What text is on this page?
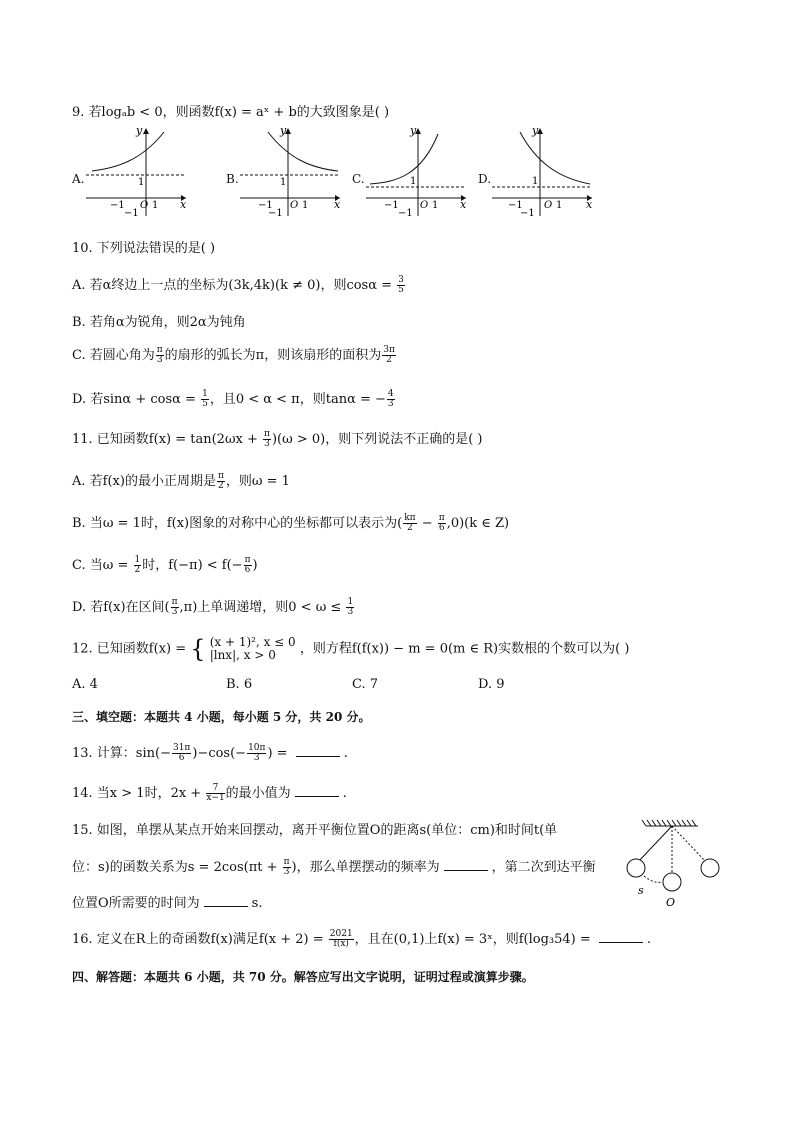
9. 若logₐb < 0，则函数f(x) = aˣ + b的大致图象是( )
A.
y
x
1
−1 O 1
−1
B.
y
x
1
−1 O 1
−1
C.
y
x
1
−1 O 1
−1
D.
y
x
1
−1 O 1
−1
10. 下列说法错误的是( )
A. 若α终边上一点的坐标为(3k,4k)(k ≠ 0)，则$\cos\alpha = \frac{3}{5}$
B. 若角α为锐角，则2α为钝角
C. 若圆心角为 $\frac{\pi}{3}$ 的扇形的弧长为π，则该扇形的面积为 $\frac{3\pi}{2}$
D. 若$\sin\alpha + \cos\alpha = \frac{1}{5}$ ，且0 < α < π，则tanα = − $\frac{4}{3}$
11. 已知函数$f(x) = \tan(2\omega x + \frac{\pi}{3} )(\omega > 0)$，则下列说法不正确的是( )
A. 若f(x)的最小正周期是 $\frac{\pi}{2}$ ，则ω = 1
B. 当ω = 1时，f(x)图象的对称中心的坐标都可以表示为( $\frac{k\pi}{2} - \frac{\pi}{6} ,0)(k$ ∈ Z)
C. 当$\omega = \frac{1}{2}$ 时，$f(-\pi) < f(- \frac{\pi}{6}$ )
D. 若f(x)在区间( $\frac{\pi}{3} ,\pi$)上单调递增，则$0 < \omega \le \frac{1}{3}$
12. 已知函数f(x) = { (x + 1)², x ≤ 0
|lnx|, x > 0	，则方程f(f(x)) − m = 0(m ∈ R)实数根的个数可以为( )
A. 4	B. 6	C. 7	D. 9
三、填空题：本题共 4 小题，每小题 5 分，共 20 分。
13. 计算：$\sin(- \frac{31\pi}{6} )-\cos(- \frac{10\pi}{3}$ ) =	.
14. 当x > 1时，$2x + \frac{7}{x-1}$ 的最小值为	.
15. 如图，单摆从某点开始来回摆动，离开平衡位置O的距离s(单位：cm)和时间t(单
位：s)的函数关系为$s = 2\cos(\pi t + \frac{\pi}{3}$ )，那么单摆摆动的频率为	，第二次到达平衡
位置O所需要的时间为	s.
s
O
16. 定义在R上的奇函数f(x)满足$f(x + 2) = \frac{2021}{f(x)}$ ，且在(0,1)上f(x) = 3ˣ，则f(log₃54) =	.
四、解答题：本题共 6 小题，共 70 分。解答应写出文字说明，证明过程或演算步骤。
